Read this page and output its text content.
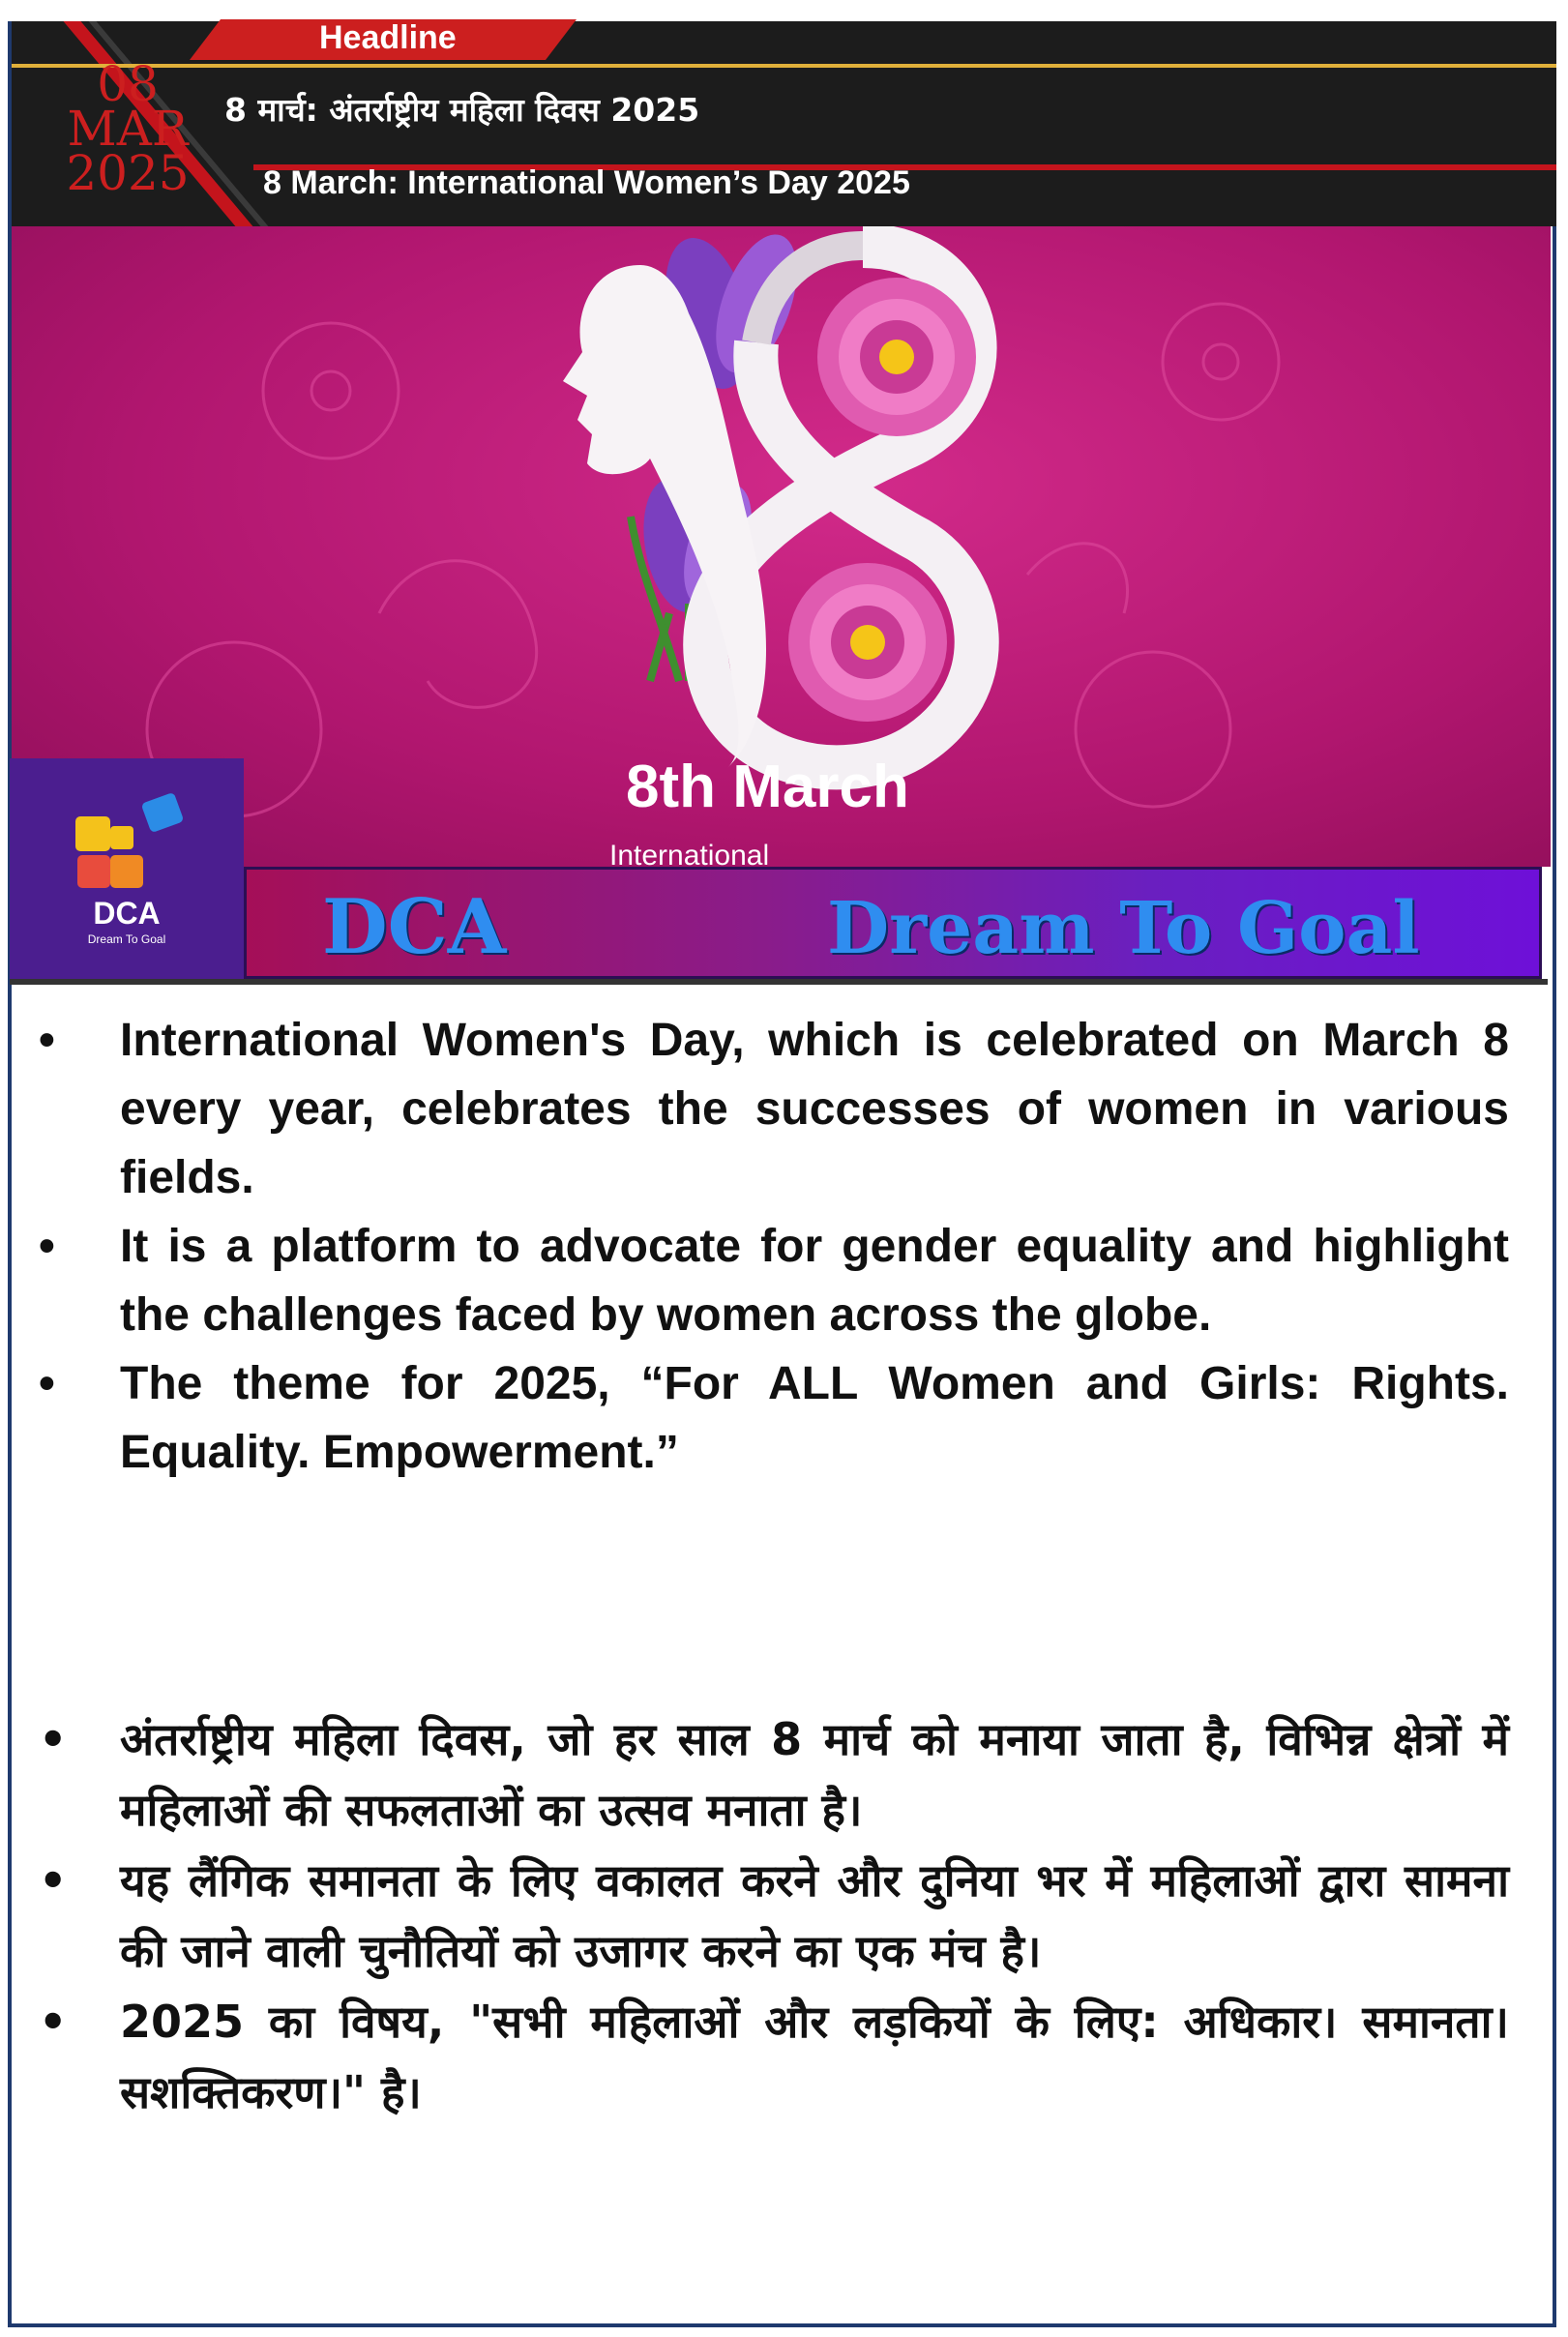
Headline
08
MAR
2025
8 मार्च: अंतर्राष्ट्रीय महिला दिवस 2025
8 March: International Women’s Day 2025
8th March
International
DCA
Dream To Goal	DCA	Dream To Goal
• International Women's Day, which is celebrated on March 8 every year, celebrates the successes of women in various fields.
• It is a platform to advocate for gender equality and highlight the challenges faced by women across the globe.
• The theme for 2025, “For ALL Women and Girls: Rights. Equality. Empowerment.”
• अंतर्राष्ट्रीय महिला दिवस, जो हर साल 8 मार्च को मनाया जाता है, विभिन्न क्षेत्रों में महिलाओं की सफलताओं का उत्सव मनाता है।
• यह लैंगिक समानता के लिए वकालत करने और दुनिया भर में महिलाओं द्वारा सामना की जाने वाली चुनौतियों को उजागर करने का एक मंच है।
• 2025 का विषय, "सभी महिलाओं और लड़कियों के लिए: अधिकार। समानता। सशक्तिकरण।" है।
